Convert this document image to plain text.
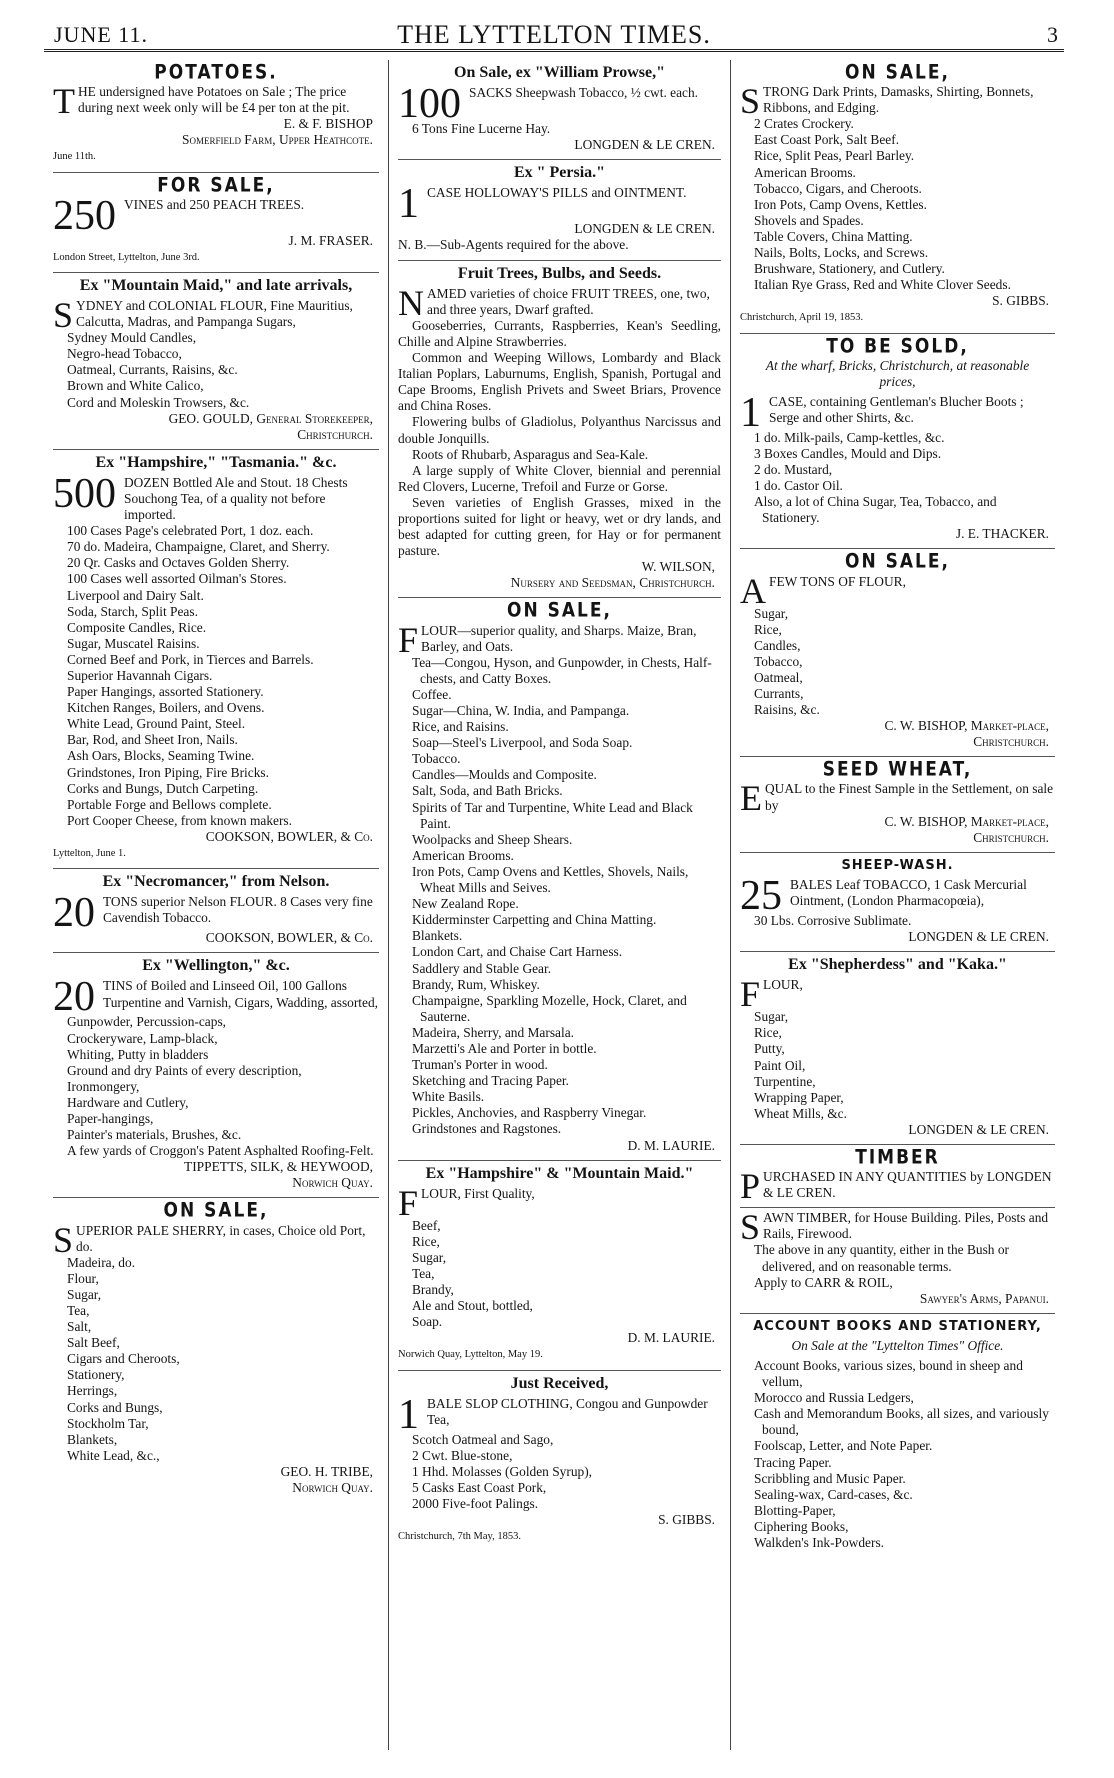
JUNE 11.	THE LYTTELTON TIMES.	3
POTATOES.
THE undersigned have Potatoes on Sale ; The price during next week only will be £4 per ton at the pit.
E. & F. BISHOP
Somerfield Farm, Upper Heathcote.
June 11th.
FOR SALE,
250 VINES and 250 PEACH TREES.
J. M. FRASER.
London Street, Lyttelton, June 3rd.
Ex "Mountain Maid," and late arrivals,
SYDNEY and COLONIAL FLOUR, Fine Mauritius, Calcutta, Madras, and Pampanga Sugars,
Sydney Mould Candles,
Negro-head Tobacco,
Oatmeal, Currants, Raisins, &c.
Brown and White Calico,
Cord and Moleskin Trowsers, &c.
GEO. GOULD, General Storekeeper,
Christchurch.
Ex "Hampshire," "Tasmania." &c.
500 DOZEN Bottled Ale and Stout. 18 Chests Souchong Tea, of a quality not before imported.
100 Cases Page's celebrated Port, 1 doz. each.
70 do. Madeira, Champaigne, Claret, and Sherry.
20 Qr. Casks and Octaves Golden Sherry.
100 Cases well assorted Oilman's Stores.
Liverpool and Dairy Salt.
Soda, Starch, Split Peas.
Composite Candles, Rice.
Sugar, Muscatel Raisins.
Corned Beef and Pork, in Tierces and Barrels.
Superior Havannah Cigars.
Paper Hangings, assorted Stationery.
Kitchen Ranges, Boilers, and Ovens.
White Lead, Ground Paint, Steel.
Bar, Rod, and Sheet Iron, Nails.
Ash Oars, Blocks, Seaming Twine.
Grindstones, Iron Piping, Fire Bricks.
Corks and Bungs, Dutch Carpeting.
Portable Forge and Bellows complete.
Port Cooper Cheese, from known makers.
COOKSON, BOWLER, & Co.
Lyttelton, June 1.
Ex "Necromancer," from Nelson.
20 TONS superior Nelson FLOUR. 8 Cases very fine Cavendish Tobacco.
COOKSON, BOWLER, & Co.
Ex "Wellington," &c.
20 TINS of Boiled and Linseed Oil, 100 Gallons Turpentine and Varnish, Cigars, Wadding, assorted,
Gunpowder, Percussion-caps,
Crockeryware, Lamp-black,
Whiting, Putty in bladders
Ground and dry Paints of every description,
Ironmongery,
Hardware and Cutlery,
Paper-hangings,
Painter's materials, Brushes, &c.
A few yards of Croggon's Patent Asphalted Roofing-Felt.
TIPPETTS, SILK, & HEYWOOD,
Norwich Quay.
ON SALE,
SUPERIOR PALE SHERRY, in cases, Choice old Port, do.
Madeira, do.
Flour,
Sugar,
Tea,
Salt,
Salt Beef,
Cigars and Cheroots,
Stationery,
Herrings,
Corks and Bungs,
Stockholm Tar,
Blankets,
White Lead, &c.,
GEO. H. TRIBE,
Norwich Quay.
On Sale, ex "William Prowse,"
100 SACKS Sheepwash Tobacco, ½ cwt. each.
6 Tons Fine Lucerne Hay.
LONGDEN & LE CREN.
Ex " Persia."
1 CASE HOLLOWAY'S PILLS and OINTMENT.
LONGDEN & LE CREN.
N. B.—Sub-Agents required for the above.
Fruit Trees, Bulbs, and Seeds.
NAMED varieties of choice FRUIT TREES, one, two, and three years, Dwarf grafted.
Gooseberries, Currants, Raspberries, Kean's Seedling, Chille and Alpine Strawberries.
Common and Weeping Willows, Lombardy and Black Italian Poplars, Laburnums, English, Spanish, Portugal and Cape Brooms, English Privets and Sweet Briars, Provence and China Roses.
Flowering bulbs of Gladiolus, Polyanthus Narcissus and double Jonquills.
Roots of Rhubarb, Asparagus and Sea-Kale.
A large supply of White Clover, biennial and perennial Red Clovers, Lucerne, Trefoil and Furze or Gorse.
Seven varieties of English Grasses, mixed in the proportions suited for light or heavy, wet or dry lands, and best adapted for cutting green, for Hay or for permanent pasture.
W. WILSON,
Nursery and Seedsman, Christchurch.
ON SALE,
FLOUR—superior quality, and Sharps. Maize, Bran, Barley, and Oats.
Tea—Congou, Hyson, and Gunpowder, in Chests, Half-chests, and Catty Boxes.
Coffee.
Sugar—China, W. India, and Pampanga.
Rice, and Raisins.
Soap—Steel's Liverpool, and Soda Soap.
Tobacco.
Candles—Moulds and Composite.
Salt, Soda, and Bath Bricks.
Spirits of Tar and Turpentine, White Lead and Black Paint.
Woolpacks and Sheep Shears.
American Brooms.
Iron Pots, Camp Ovens and Kettles, Shovels, Nails, Wheat Mills and Seives.
New Zealand Rope.
Kidderminster Carpetting and China Matting.
Blankets.
London Cart, and Chaise Cart Harness.
Saddlery and Stable Gear.
Brandy, Rum, Whiskey.
Champaigne, Sparkling Mozelle, Hock, Claret, and Sauterne.
Madeira, Sherry, and Marsala.
Marzetti's Ale and Porter in bottle.
Truman's Porter in wood.
Sketching and Tracing Paper.
White Basils.
Pickles, Anchovies, and Raspberry Vinegar.
Grindstones and Ragstones.
D. M. LAURIE.
Ex "Hampshire" & "Mountain Maid."
FLOUR, First Quality,
Beef,
Rice,
Sugar,
Tea,
Brandy,
Ale and Stout, bottled,
Soap.
D. M. LAURIE.
Norwich Quay, Lyttelton, May 19.
Just Received,
1 BALE SLOP CLOTHING, Congou and Gunpowder Tea,
Scotch Oatmeal and Sago,
2 Cwt. Blue-stone,
1 Hhd. Molasses (Golden Syrup),
5 Casks East Coast Pork,
2000 Five-foot Palings.
S. GIBBS.
Christchurch, 7th May, 1853.
ON SALE,
STRONG Dark Prints, Damasks, Shirting, Bonnets, Ribbons, and Edging.
2 Crates Crockery.
East Coast Pork, Salt Beef.
Rice, Split Peas, Pearl Barley.
American Brooms.
Tobacco, Cigars, and Cheroots.
Iron Pots, Camp Ovens, Kettles.
Shovels and Spades.
Table Covers, China Matting.
Nails, Bolts, Locks, and Screws.
Brushware, Stationery, and Cutlery.
Italian Rye Grass, Red and White Clover Seeds.
S. GIBBS.
Christchurch, April 19, 1853.
TO BE SOLD,
At the wharf, Bricks, Christchurch, at reasonable prices,
1 CASE, containing Gentleman's Blucher Boots ; Serge and other Shirts, &c.
1 do. Milk-pails, Camp-kettles, &c.
3 Boxes Candles, Mould and Dips.
2 do. Mustard,
1 do. Castor Oil.
Also, a lot of China Sugar, Tea, Tobacco, and Stationery.
J. E. THACKER.
ON SALE,
AFEW TONS OF FLOUR,
Sugar,
Rice,
Candles,
Tobacco,
Oatmeal,
Currants,
Raisins, &c.
C. W. BISHOP, Market-place,
Christchurch.
SEED WHEAT,
EQUAL to the Finest Sample in the Settlement, on sale by
C. W. BISHOP, Market-place,
Christchurch.
SHEEP-WASH.
25 BALES Leaf TOBACCO, 1 Cask Mercurial Ointment, (London Pharmacopœia),
30 Lbs. Corrosive Sublimate.
LONGDEN & LE CREN.
Ex "Shepherdess" and "Kaka."
FLOUR,
Sugar,
Rice,
Putty,
Paint Oil,
Turpentine,
Wrapping Paper,
Wheat Mills, &c.
LONGDEN & LE CREN.
TIMBER
PURCHASED IN ANY QUANTITIES by LONGDEN & LE CREN.
SAWN TIMBER, for House Building. Piles, Posts and Rails, Firewood.
The above in any quantity, either in the Bush or delivered, and on reasonable terms.
Apply to CARR & ROIL,
Sawyer's Arms, Papanui.
ACCOUNT BOOKS AND STATIONERY,
On Sale at the "Lyttelton Times" Office.
Account Books, various sizes, bound in sheep and vellum,
Morocco and Russia Ledgers,
Cash and Memorandum Books, all sizes, and variously bound,
Foolscap, Letter, and Note Paper.
Tracing Paper.
Scribbling and Music Paper.
Sealing-wax, Card-cases, &c.
Blotting-Paper,
Ciphering Books,
Walkden's Ink-Powders.
